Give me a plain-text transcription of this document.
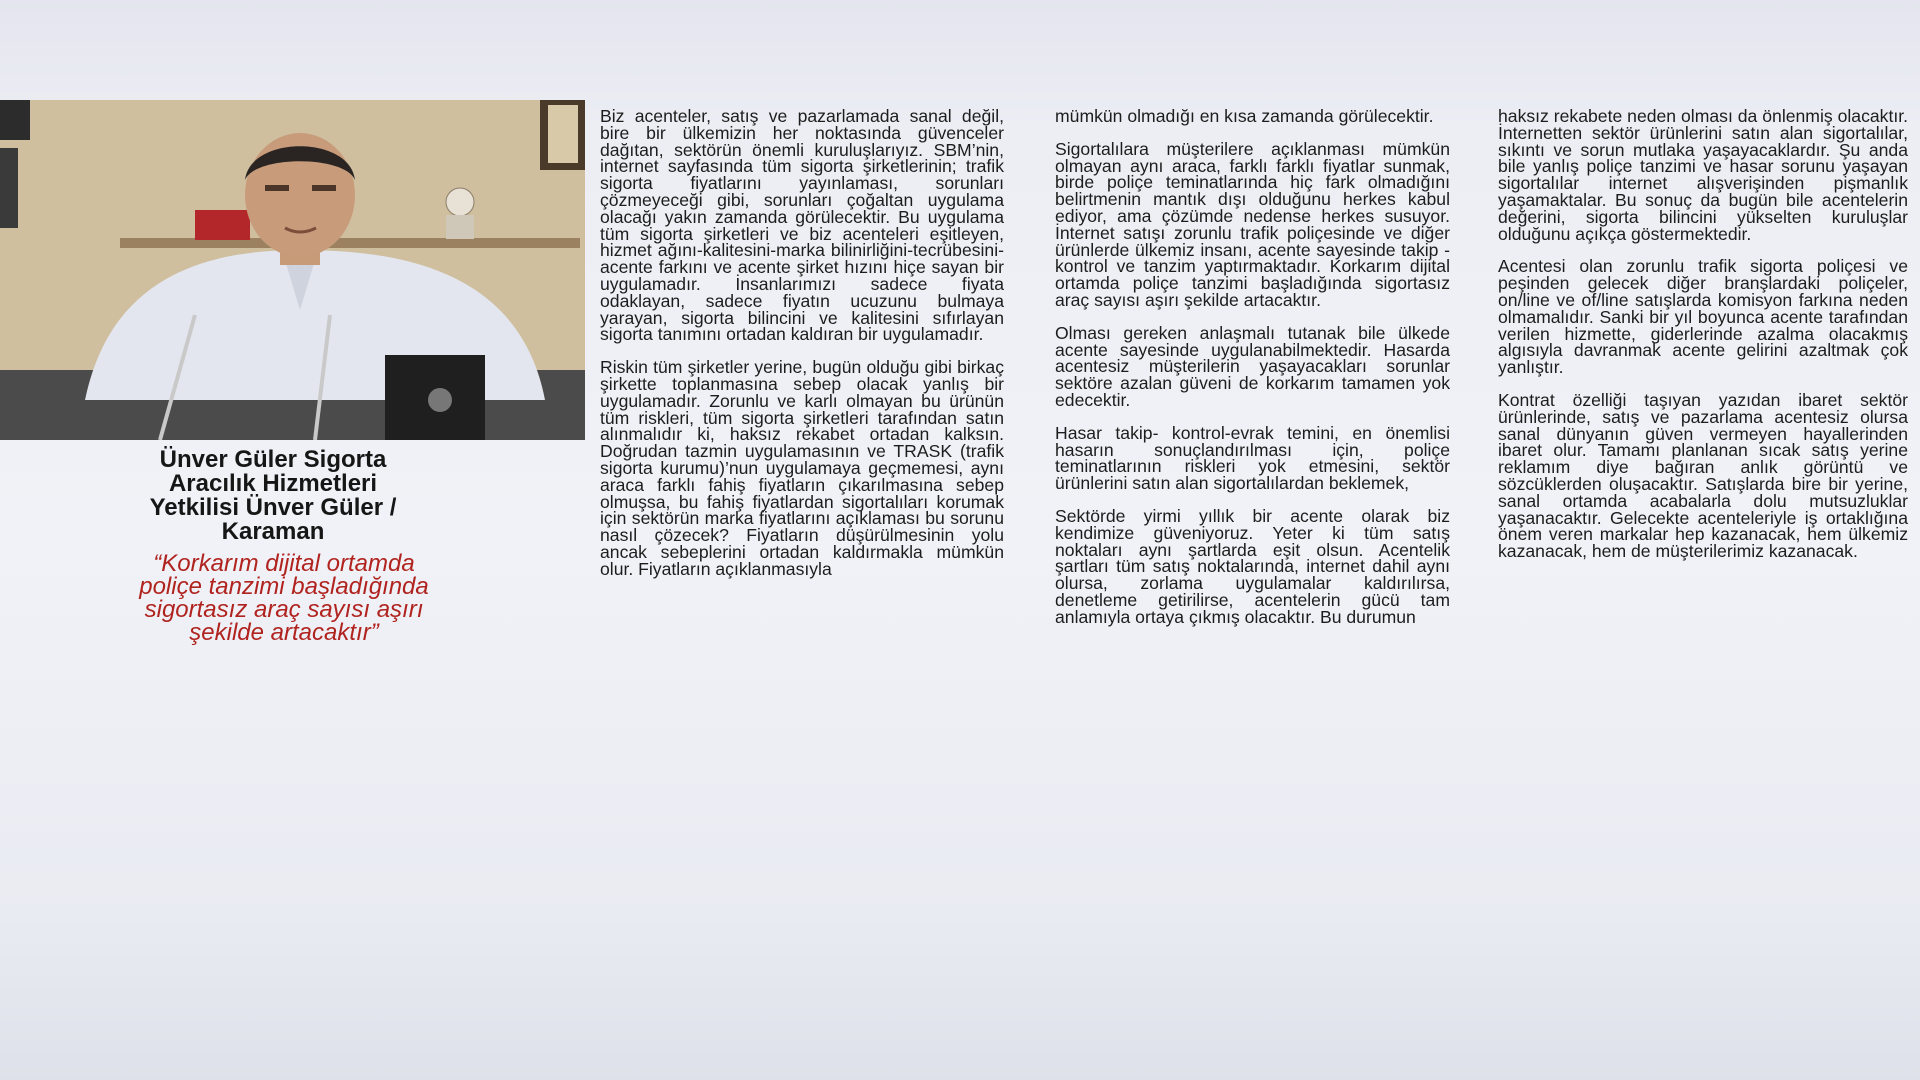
Ünver Güler Sigorta
Aracılık Hizmetleri
Yetkilisi Ünver Güler /
Karaman
“Korkarım dijital ortamda
poliçe tanzimi başladığında
sigortasız araç sayısı aşırı
şekilde artacaktır”

Biz acenteler, satış ve pazarlamada sanal değil, bire bir ülkemizin her noktasında güvenceler dağıtan, sektörün önemli kuruluşlarıyız. SBM’nin, internet sayfasında tüm sigorta şirketlerinin; trafik sigorta fiyatlarını yayınlaması, sorunları çözmeyeceği gibi, sorunları çoğaltan uygulama olacağı yakın zamanda görülecektir. Bu uygulama tüm sigorta şirketleri ve biz acenteleri eşitleyen, hizmet ağını-kalitesini-marka bilinirliğini-tecrübesini-acente farkını ve acente şirket hızını hiçe sayan bir uygulamadır. İnsanlarımızı sadece fiyata odaklayan, sadece fiyatın ucuzunu bulmaya yarayan, sigorta bilincini ve kalitesini sıfırlayan sigorta tanımını ortadan kaldıran bir uygulamadır.

Riskin tüm şirketler yerine, bugün olduğu gibi birkaç şirkette toplanmasına sebep olacak yanlış bir uygulamadır. Zorunlu ve karlı olmayan bu ürünün tüm riskleri, tüm sigorta şirketleri tarafından satın alınmalıdır ki, haksız rekabet ortadan kalksın. Doğrudan tazmin uygulamasının ve TRASK (trafik sigorta kurumu)’nun uygulamaya geçmemesi, aynı araca farklı fahiş fiyatların çıkarılmasına sebep olmuşsa, bu fahiş fiyatlardan sigortalıları korumak için sektörün marka fiyatlarını açıklaması bu sorunu nasıl çözecek? Fiyatların düşürülmesinin yolu ancak sebeplerini ortadan kaldırmakla mümkün olur. Fiyatların açıklanmasıyla

mümkün olmadığı en kısa zamanda görülecektir.

Sigortalılara müşterilere açıklanması mümkün olmayan aynı araca, farklı farklı fiyatlar sunmak, birde poliçe teminatlarında hiç fark olmadığını belirtmenin mantık dışı olduğunu herkes kabul ediyor, ama çözümde nedense herkes susuyor. İnternet satışı zorunlu trafik poliçesinde ve diğer ürünlerde ülkemiz insanı, acente sayesinde takip - kontrol ve tanzim yaptırmaktadır. Korkarım dijital ortamda poliçe tanzimi başladığında sigortasız araç sayısı aşırı şekilde artacaktır.

Olması gereken anlaşmalı tutanak bile ülkede acente sayesinde uygulanabilmektedir. Hasarda acentesiz müşterilerin yaşayacakları sorunlar sektöre azalan güveni de korkarım tamamen yok edecektir.

Hasar takip- kontrol-evrak temini, en önemlisi hasarın sonuçlandırılması için, poliçe teminatlarının riskleri yok etmesini, sektör ürünlerini satın alan sigortalılardan beklemek,

Sektörde yirmi yıllık bir acente olarak biz kendimize güveniyoruz. Yeter ki tüm satış noktaları aynı şartlarda eşit olsun. Acentelik şartları tüm satış noktalarında, internet dahil aynı olursa, zorlama uygulamalar kaldırılırsa, denetleme getirilirse, acentelerin gücü tam anlamıyla ortaya çıkmış olacaktır. Bu durumun

haksız rekabete neden olması da önlenmiş olacaktır. İnternetten sektör ürünlerini satın alan sigortalılar, sıkıntı ve sorun mutlaka yaşayacaklardır. Şu anda bile yanlış poliçe tanzimi ve hasar sorunu yaşayan sigortalılar internet alışverişinden pişmanlık yaşamaktalar. Bu sonuç da bugün bile acentelerin değerini, sigorta bilincini yükselten kuruluşlar olduğunu açıkça göstermektedir.

Acentesi olan zorunlu trafik sigorta poliçesi ve peşinden gelecek diğer branşlardaki poliçeler, on/line ve of/line satışlarda komisyon farkına neden olmamalıdır. Sanki bir yıl boyunca acente tarafından verilen hizmette, giderlerinde azalma olacakmış algısıyla davranmak acente gelirini azaltmak çok yanlıştır.

Kontrat özelliği taşıyan yazıdan ibaret sektör ürünlerinde, satış ve pazarlama acentesiz olursa sanal dünyanın güven vermeyen hayallerinden ibaret olur. Tamamı planlanan sıcak satış yerine reklamım diye bağıran anlık görüntü ve sözcüklerden oluşacaktır. Satışlarda bire bir yerine, sanal ortamda acabalarla dolu mutsuzluklar yaşanacaktır. Gelecekte acenteleriyle iş ortaklığına önem veren markalar hep kazanacak, hem ülkemiz kazanacak, hem de müşterilerimiz kazanacak.
